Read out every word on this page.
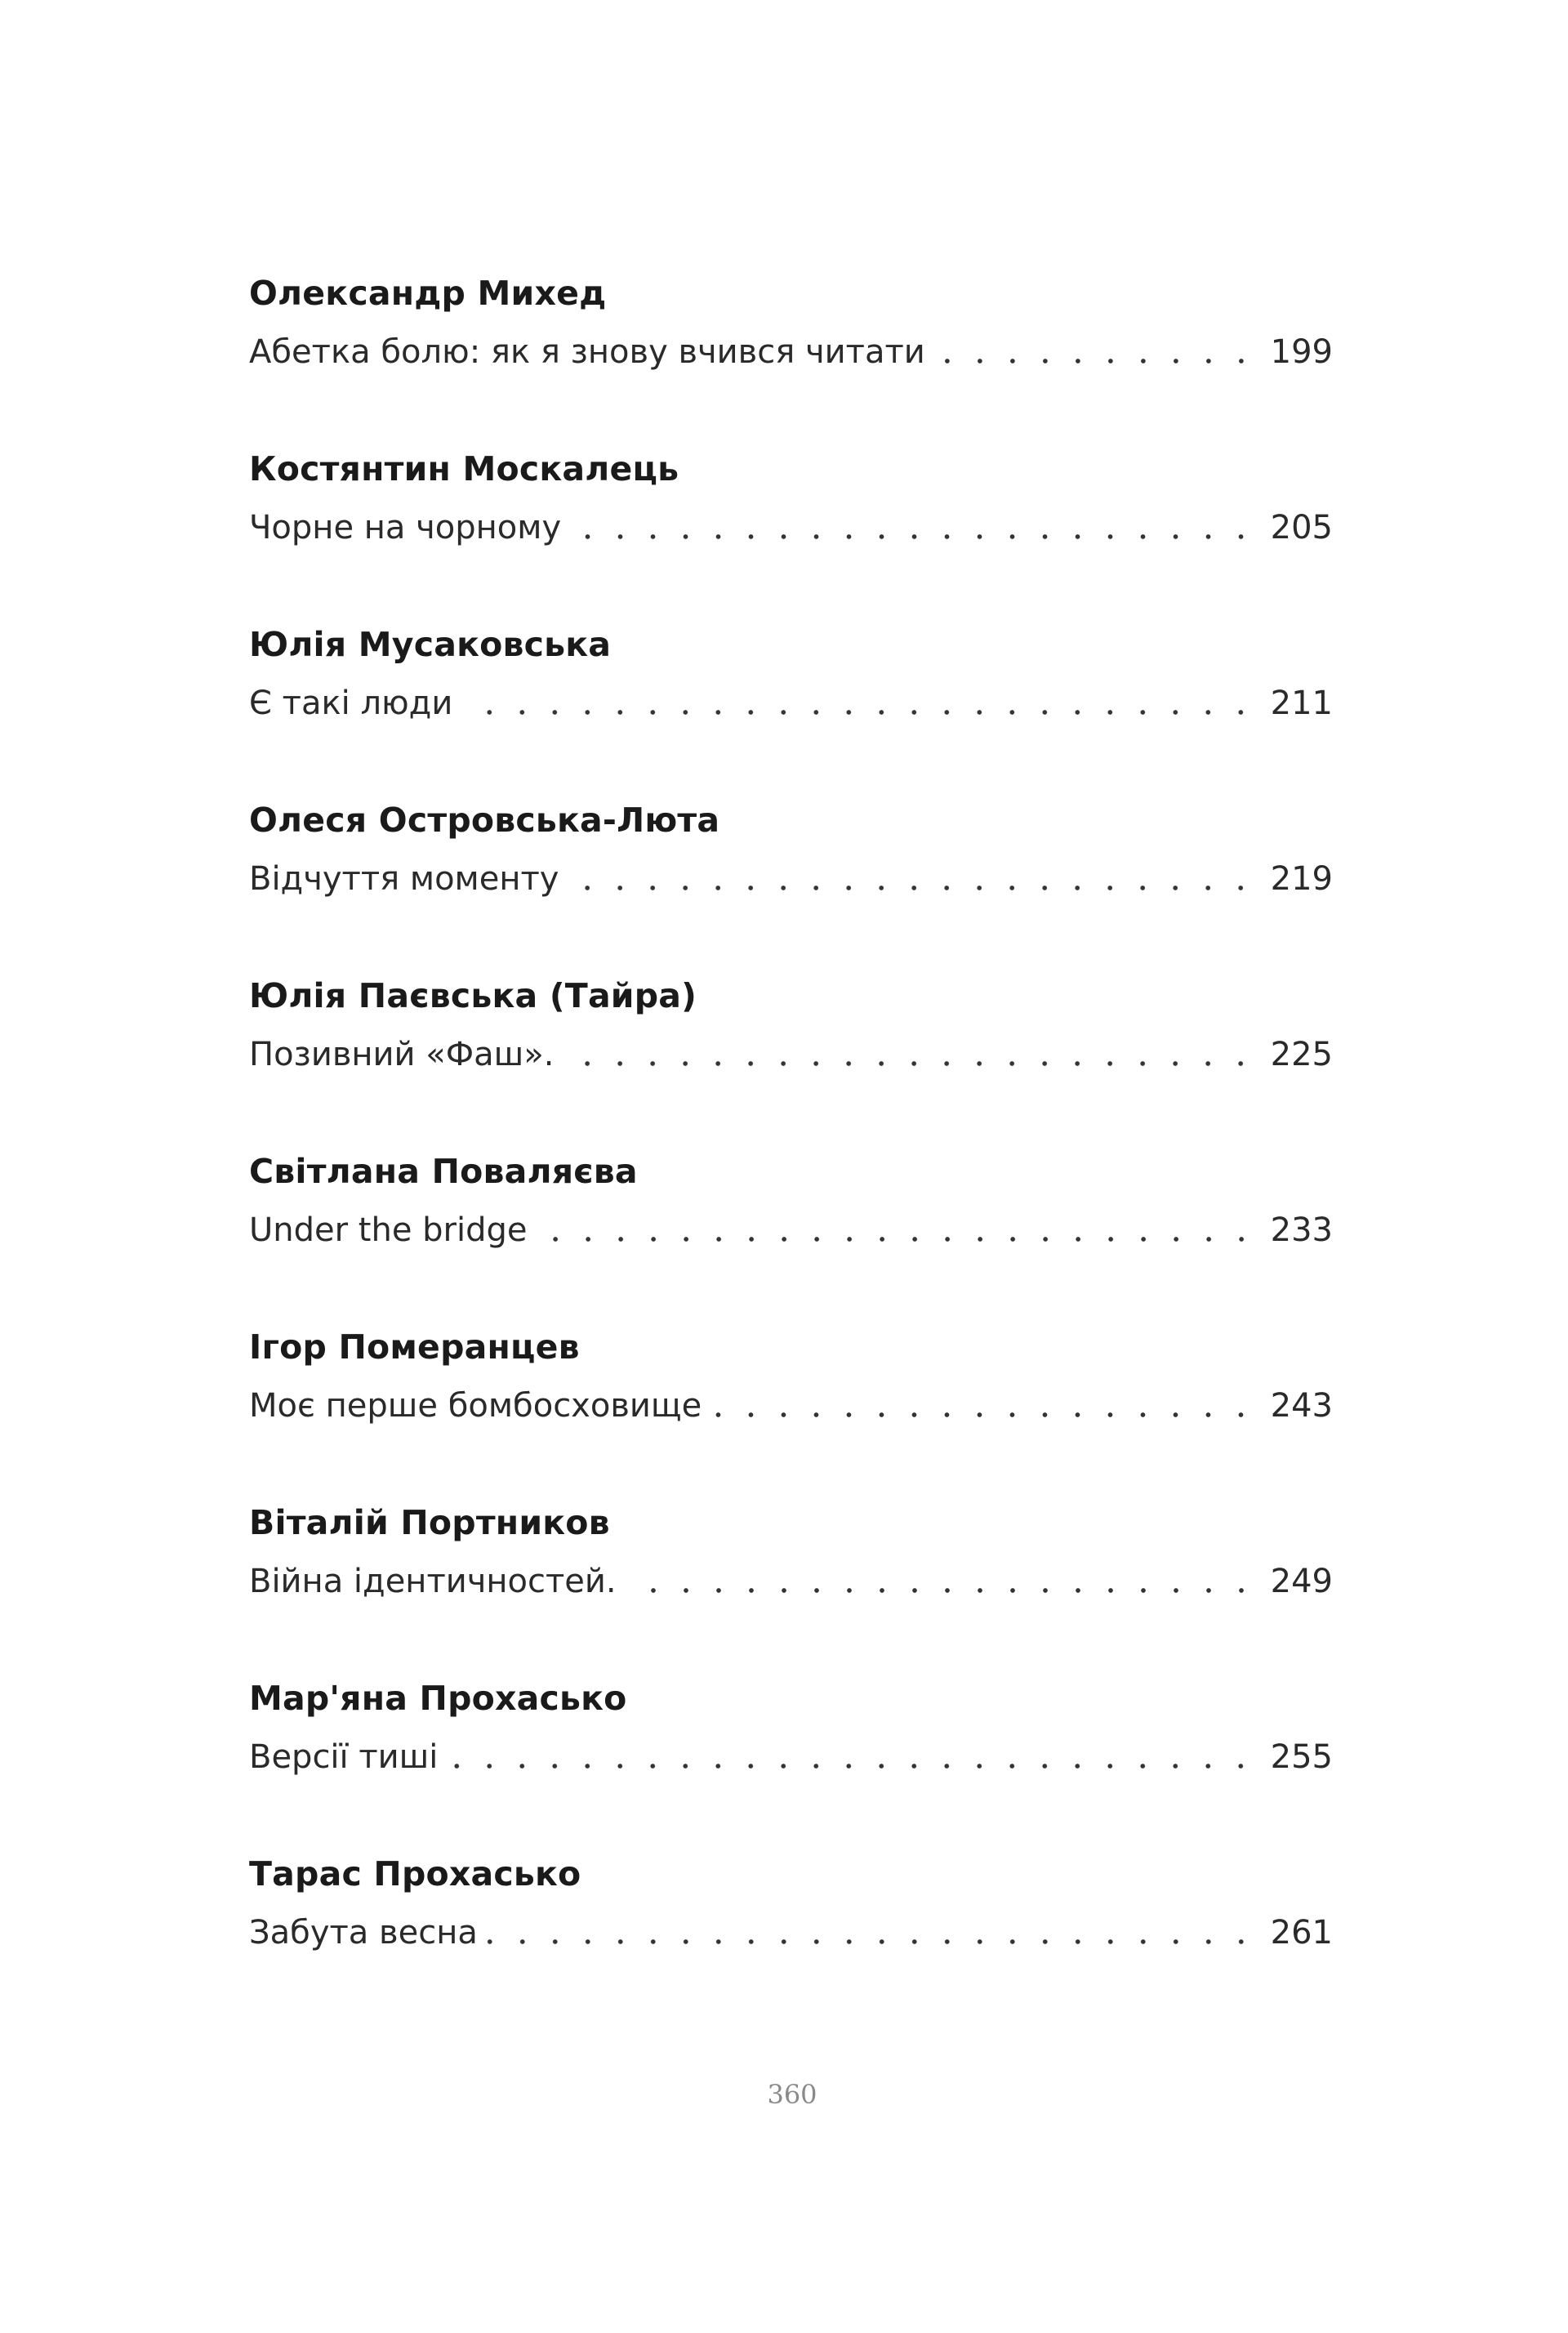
Олександр Михед
Абетка болю: як я знову вчився читати	199
Костянтин Москалець
Чорне на чорному	205
Юлія Мусаковська
Є такі люди	211
Олеся Островська-Люта
Відчуття моменту	219
Юлія Паєвська (Тайра)
Позивний «Фаш».	225
Світлана Поваляєва
Under the bridge	233
Ігор Померанцев
Моє перше бомбосховище	243
Віталій Портников
Війна ідентичностей.	249
Мар'яна Прохасько
Версії тиші	255
Тарас Прохасько
Забута весна	261
360
